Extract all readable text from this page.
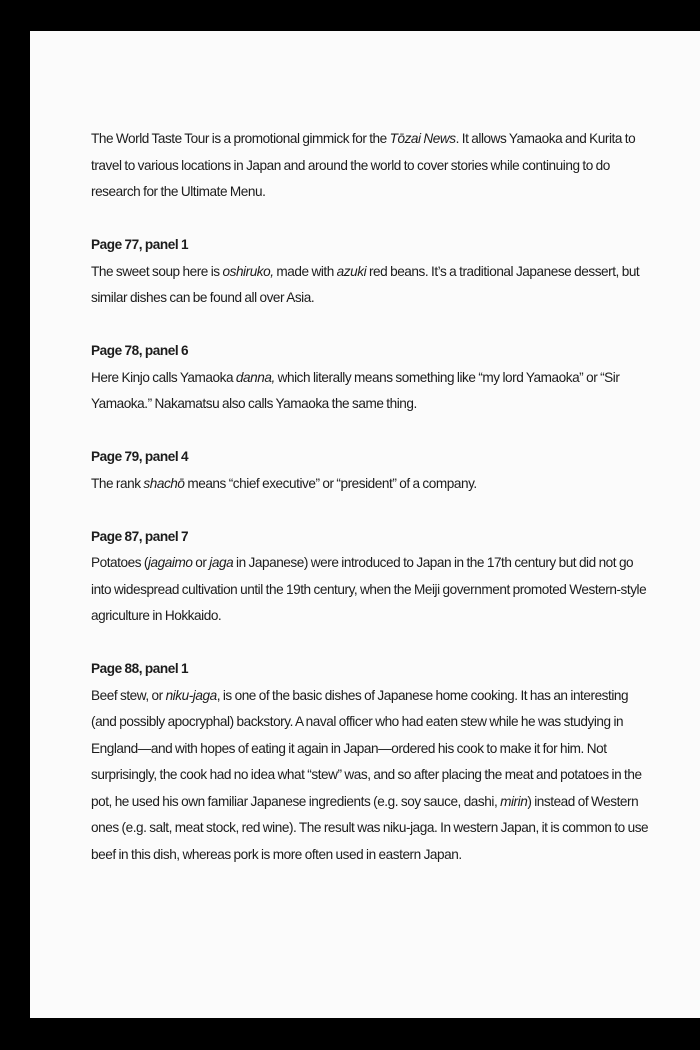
The World Taste Tour is a promotional gimmick for the Tōzai News. It allows Yamaoka and Kurita to travel to various locations in Japan and around the world to cover stories while continuing to do research for the Ultimate Menu.

Page 77, panel 1

The sweet soup here is oshiruko, made with azuki red beans. It’s a traditional Japanese dessert, but similar dishes can be found all over Asia.

Page 78, panel 6

Here Kinjo calls Yamaoka danna, which literally means something like “my lord Yamaoka” or “Sir Yamaoka.” Nakamatsu also calls Yamaoka the same thing.

Page 79, panel 4

The rank shachō means “chief executive” or “president” of a company.

Page 87, panel 7

Potatoes (jagaimo or jaga in Japanese) were introduced to Japan in the 17th century but did not go into widespread cultivation until the 19th century, when the Meiji government promoted Western-style agriculture in Hokkaido.

Page 88, panel 1

Beef stew, or niku-jaga, is one of the basic dishes of Japanese home cooking. It has an interesting (and possibly apocryphal) backstory. A naval officer who had eaten stew while he was studying in England—and with hopes of eating it again in Japan—ordered his cook to make it for him. Not surprisingly, the cook had no idea what “stew” was, and so after placing the meat and potatoes in the pot, he used his own familiar Japanese ingredients (e.g. soy sauce, dashi, mirin) instead of Western ones (e.g. salt, meat stock, red wine). The result was niku-jaga. In western Japan, it is common to use beef in this dish, whereas pork is more often used in eastern Japan.
